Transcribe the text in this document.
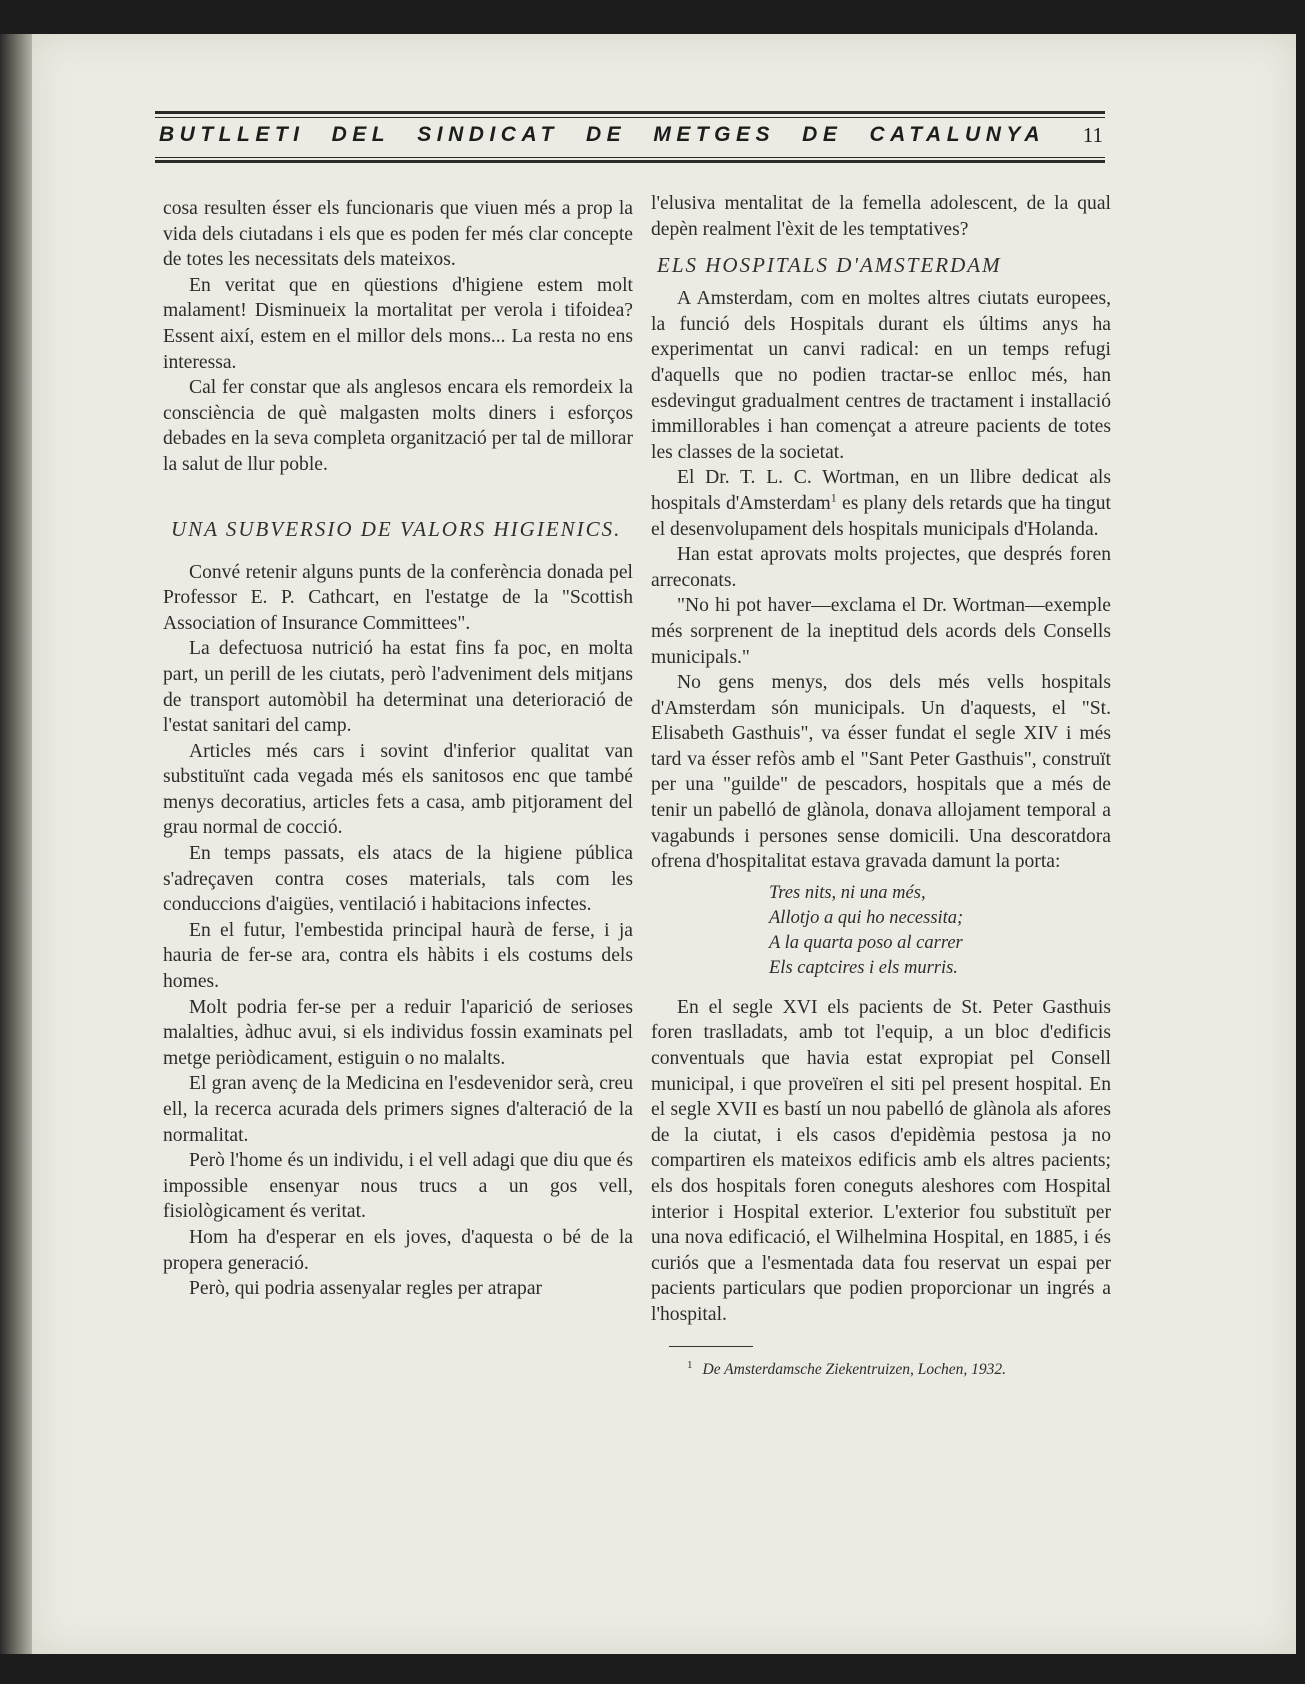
BUTLLETI DEL SINDICAT DE METGES DE CATALUNYA 11

cosa resulten ésser els funcionaris que viuen més a prop la vida dels ciutadans i els que es poden fer més clar concepte de totes les necessitats dels mateixos.

En veritat que en qüestions d'higiene estem molt malament! Disminueix la mortalitat per verola i tifoidea? Essent així, estem en el millor dels mons... La resta no ens interessa.

Cal fer constar que als anglesos encara els remordeix la consciència de què malgasten molts diners i esforços debades en la seva completa organització per tal de millorar la salut de llur poble.

UNA SUBVERSIO DE VALORS HIGIENICS.

Convé retenir alguns punts de la conferència donada pel Professor E. P. Cathcart, en l'estatge de la "Scottish Association of Insurance Committees".

La defectuosa nutrició ha estat fins fa poc, en molta part, un perill de les ciutats, però l'adveniment dels mitjans de transport automòbil ha determinat una deterioració de l'estat sanitari del camp.

Articles més cars i sovint d'inferior qualitat van substituïnt cada vegada més els sanitosos enc que també menys decoratius, articles fets a casa, amb pitjorament del grau normal de cocció.

En temps passats, els atacs de la higiene pública s'adreçaven contra coses materials, tals com les conduccions d'aigües, ventilació i habitacions infectes.

En el futur, l'embestida principal haurà de ferse, i ja hauria de fer-se ara, contra els hàbits i els costums dels homes.

Molt podria fer-se per a reduir l'aparició de serioses malalties, àdhuc avui, si els individus fossin examinats pel metge periòdicament, estiguin o no malalts.

El gran avenç de la Medicina en l'esdevenidor serà, creu ell, la recerca acurada dels primers signes d'alteració de la normalitat.

Però l'home és un individu, i el vell adagi que diu que és impossible ensenyar nous trucs a un gos vell, fisiològicament és veritat.

Hom ha d'esperar en els joves, d'aquesta o bé de la propera generació.

Però, qui podria assenyalar regles per atrapar

l'elusiva mentalitat de la femella adolescent, de la qual depèn realment l'èxit de les temptatives?

ELS HOSPITALS D'AMSTERDAM

A Amsterdam, com en moltes altres ciutats europees, la funció dels Hospitals durant els últims anys ha experimentat un canvi radical: en un temps refugi d'aquells que no podien tractar-se enlloc més, han esdevingut gradualment centres de tractament i installació immillorables i han començat a atreure pacients de totes les classes de la societat.

El Dr. T. L. C. Wortman, en un llibre dedicat als hospitals d'Amsterdam$^1$ es plany dels retards que ha tingut el desenvolupament dels hospitals municipals d'Holanda.

Han estat aprovats molts projectes, que després foren arreconats.

"No hi pot haver—exclama el Dr. Wortman—exemple més sorprenent de la ineptitud dels acords dels Consells municipals."

No gens menys, dos dels més vells hospitals d'Amsterdam són municipals. Un d'aquests, el "St. Elisabeth Gasthuis", va ésser fundat el segle XIV i més tard va ésser refòs amb el "Sant Peter Gasthuis", construït per una "guilde" de pescadors, hospitals que a més de tenir un pabelló de glànola, donava allojament temporal a vagabunds i persones sense domicili. Una descoratdora ofrena d'hospitalitat estava gravada damunt la porta:

Tres nits, ni una més,
Allotjo a qui ho necessita;
A la quarta poso al carrer
Els captcires i els murris.

En el segle XVI els pacients de St. Peter Gasthuis foren traslladats, amb tot l'equip, a un bloc d'edificis conventuals que havia estat expropiat pel Consell municipal, i que proveïren el siti pel present hospital. En el segle XVII es bastí un nou pabelló de glànola als afores de la ciutat, i els casos d'epidèmia pestosa ja no compartiren els mateixos edificis amb els altres pacients; els dos hospitals foren coneguts aleshores com Hospital interior i Hospital exterior. L'exterior fou substituït per una nova edificació, el Wilhelmina Hospital, en 1885, i és curiós que a l'esmentada data fou reservat un espai per pacients particulars que podien proporcionar un ingrés a l'hospital.

$^1$ De Amsterdamsche Ziekentruizen, Lochen, 1932.
